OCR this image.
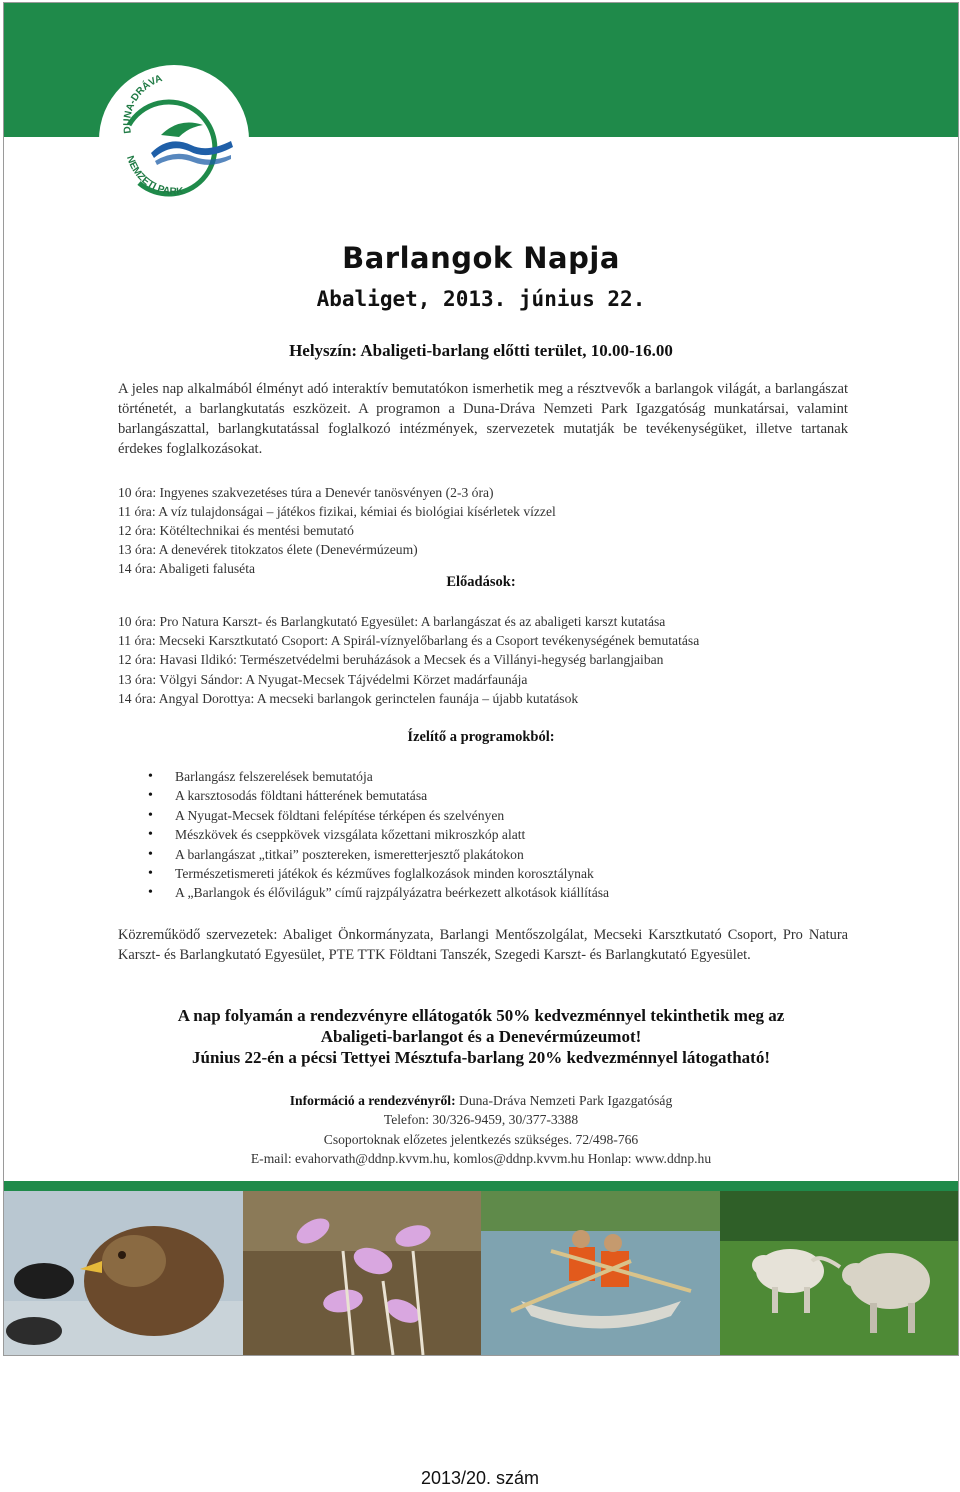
DUNA-DRÁVA
NEMZETI PARK
Barlangok Napja
Abaliget, 2013. június 22.
Helyszín: Abaligeti-barlang előtti terület, 10.00-16.00
A jeles nap alkalmából élményt adó interaktív bemutatókon ismerhetik meg a résztvevők a barlangok világát, a barlangászat történetét, a barlangkutatás eszközeit. A programon a Duna-Dráva Nemzeti Park Igazgatóság munkatársai, valamint barlangászattal, barlangkutatással foglalkozó intézmények, szervezetek mutatják be tevékenységüket, illetve tartanak érdekes foglalkozásokat.
10 óra: Ingyenes szakvezetéses túra a Denevér tanösvényen (2-3 óra)
11 óra: A víz tulajdonságai – játékos fizikai, kémiai és biológiai kísérletek vízzel
12 óra: Kötéltechnikai és mentési bemutató
13 óra: A denevérek titokzatos élete (Denevérmúzeum)
14 óra: Abaligeti faluséta
Előadások:
10 óra: Pro Natura Karszt- és Barlangkutató Egyesület: A barlangászat és az abaligeti karszt kutatása
11 óra: Mecseki Karsztkutató Csoport: A Spirál-víznyelőbarlang és a Csoport tevékenységének bemutatása
12 óra: Havasi Ildikó: Természetvédelmi beruházások a Mecsek és a Villányi-hegység barlangjaiban
13 óra: Völgyi Sándor: A Nyugat-Mecsek Tájvédelmi Körzet madárfaunája
14 óra: Angyal Dorottya: A mecseki barlangok gerinctelen faunája – újabb kutatások
Ízelítő a programokból:
• Barlangász felszerelések bemutatója
• A karsztosodás földtani hátterének bemutatása
• A Nyugat-Mecsek földtani felépítése térképen és szelvényen
• Mészkövek és cseppkövek vizsgálata kőzettani mikroszkóp alatt
• A barlangászat „titkai” posztereken, ismeretterjesztő plakátokon
• Természetismereti játékok és kézműves foglalkozások minden korosztálynak
• A „Barlangok és élőviláguk” című rajzpályázatra beérkezett alkotások kiállítása
Közreműködő szervezetek: Abaliget Önkormányzata, Barlangi Mentőszolgálat, Mecseki Karsztkutató Csoport, Pro Natura Karszt- és Barlangkutató Egyesület, PTE TTK Földtani Tanszék, Szegedi Karszt- és Barlangkutató Egyesület.
A nap folyamán a rendezvényre ellátogatók 50% kedvezménnyel tekinthetik meg az
Abaligeti-barlangot és a Denevérmúzeumot!
Június 22-én a pécsi Tettyei Mésztufa-barlang 20% kedvezménnyel látogatható!
Információ a rendezvényről: Duna-Dráva Nemzeti Park Igazgatóság
Telefon: 30/326-9459, 30/377-3388
Csoportoknak előzetes jelentkezés szükséges. 72/498-766
E-mail: evahorvath@ddnp.kvvm.hu, komlos@ddnp.kvvm.hu Honlap: www.ddnp.hu
2013/20. szám
